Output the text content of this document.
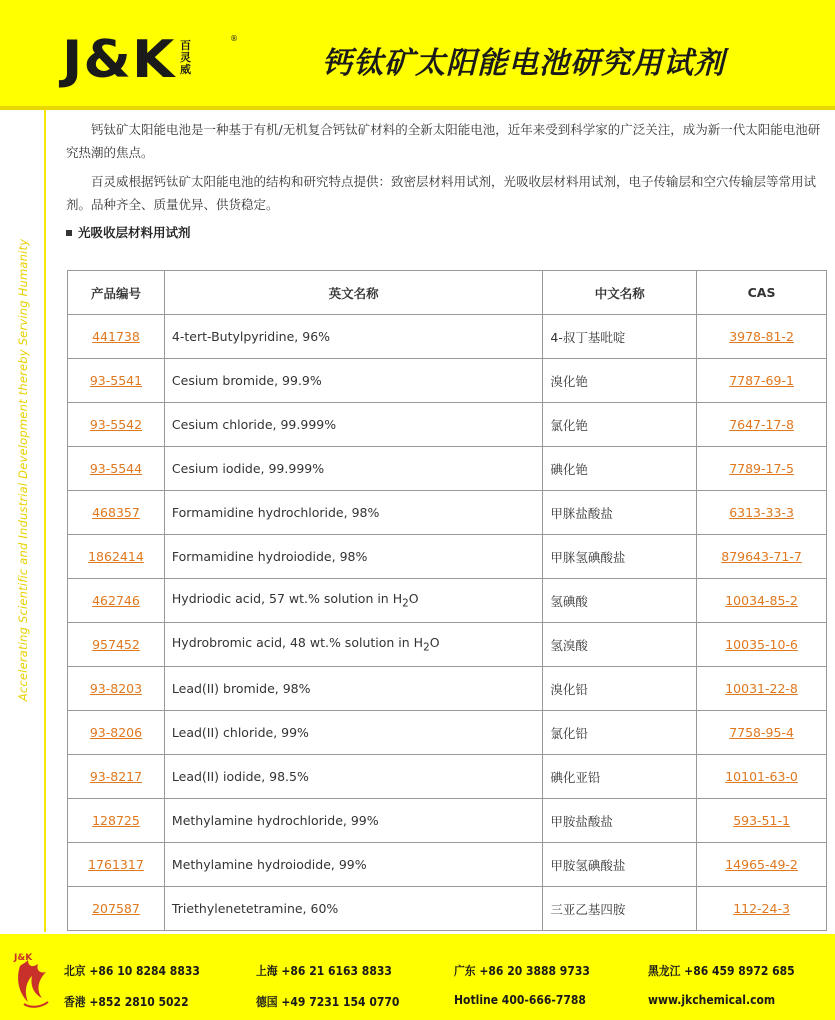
J&K 百
灵
威
®
钙钛矿太阳能电池研究用试剂
Accelerating Scientific and Industrial Development thereby Serving Humanity

钙钛矿太阳能电池是一种基于有机/无机复合钙钛矿材料的全新太阳能电池，近年来受到科学家的广泛关注，成为新一代太阳能电池研究热潮的焦点。

百灵威根据钙钛矿太阳能电池的结构和研究特点提供：致密层材料用试剂，光吸收层材料用试剂，电子传输层和空穴传输层等常用试剂。品种齐全、质量优异、供货稳定。

光吸收层材料用试剂
产品编号	英文名称	中文名称	CAS
441738	4-tert-Butylpyridine, 96%	4-叔丁基吡啶	3978-81-2
93-5541	Cesium bromide, 99.9%	溴化铯	7787-69-1
93-5542	Cesium chloride, 99.999%	氯化铯	7647-17-8
93-5544	Cesium iodide, 99.999%	碘化铯	7789-17-5
468357	Formamidine hydrochloride, 98%	甲脒盐酸盐	6313-33-3
1862414	Formamidine hydroiodide, 98%	甲脒氢碘酸盐	879643-71-7
462746	Hydriodic acid, 57 wt.% solution in $H_2O$	氢碘酸	10034-85-2
957452	Hydrobromic acid, 48 wt.% solution in $H_2O$	氢溴酸	10035-10-6
93-8203	Lead(II) bromide, 98%	溴化铅	10031-22-8
93-8206	Lead(II) chloride, 99%	氯化铅	7758-95-4
93-8217	Lead(II) iodide, 98.5%	碘化亚铅	10101-63-0
128725	Methylamine hydrochloride, 99%	甲胺盐酸盐	593-51-1
1761317	Methylamine hydroiodide, 99%	甲胺氢碘酸盐	14965-49-2
207587	Triethylenetetramine, 60%	三亚乙基四胺	112-24-3
J&K
北京 +86 10 8284 8833	上海 +86 21 6163 8833	广东 +86 20 3888 9733	黑龙江 +86 459 8972 685
香港 +852 2810 5022	德国 +49 7231 154 0770	Hotline 400-666-7788	www.jkchemical.com
